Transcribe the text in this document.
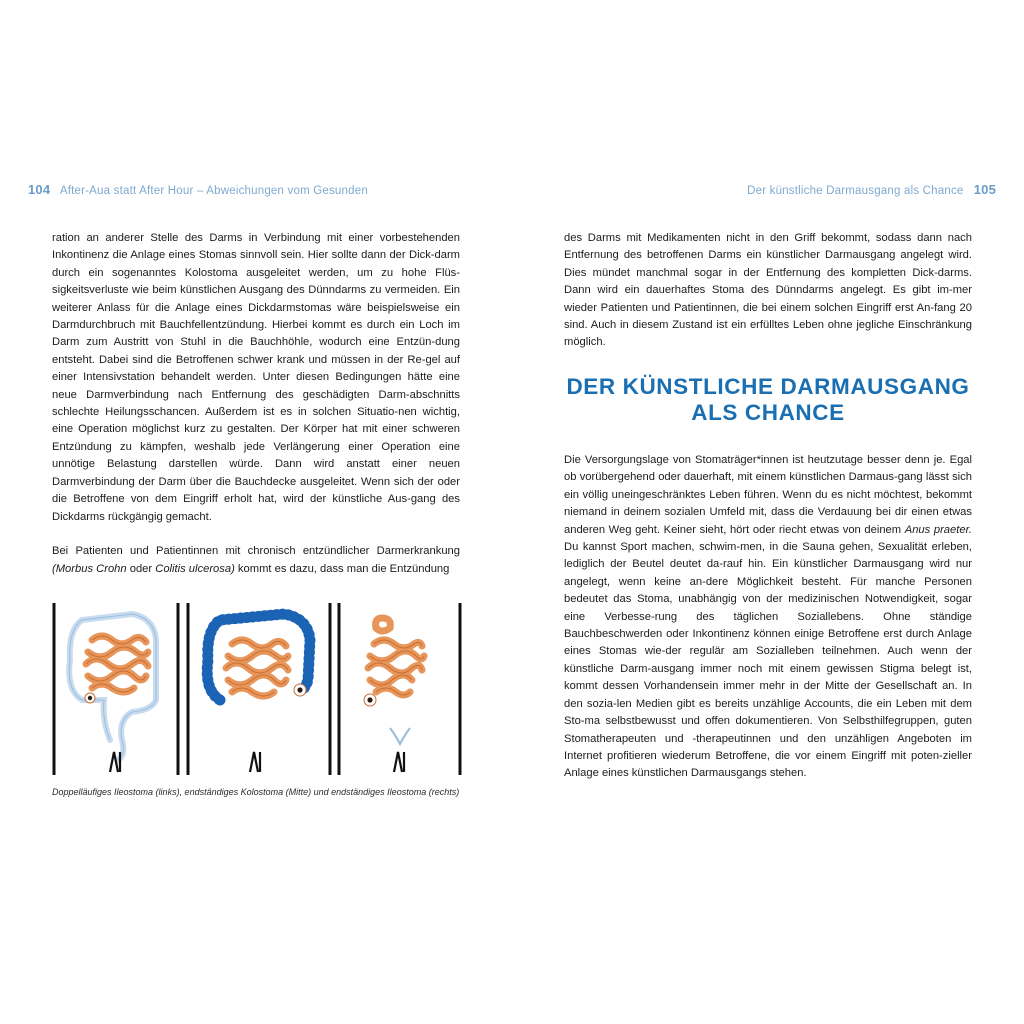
104 After-Aua statt After Hour – Abweichungen vom Gesunden	Der künstliche Darmausgang als Chance 105

ration an anderer Stelle des Darms in Verbindung mit einer vorbestehenden Inkontinenz die Anlage eines Stomas sinnvoll sein. Hier sollte dann der Dick-darm durch ein sogenanntes Kolostoma ausgeleitet werden, um zu hohe Flüs-sigkeitsverluste wie beim künstlichen Ausgang des Dünndarms zu vermeiden. Ein weiterer Anlass für die Anlage eines Dickdarmstomas wäre beispielsweise ein Darmdurchbruch mit Bauchfellentzündung. Hierbei kommt es durch ein Loch im Darm zum Austritt von Stuhl in die Bauchhöhle, wodurch eine Entzün-dung entsteht. Dabei sind die Betroffenen schwer krank und müssen in der Re-gel auf einer Intensivstation behandelt werden. Unter diesen Bedingungen hätte eine neue Darmverbindung nach Entfernung des geschädigten Darm-abschnitts schlechte Heilungsschancen. Außerdem ist es in solchen Situatio-nen wichtig, eine Operation möglichst kurz zu gestalten. Der Körper hat mit einer schweren Entzündung zu kämpfen, weshalb jede Verlängerung einer Operation eine unnötige Belastung darstellen würde. Dann wird anstatt einer neuen Darmverbindung der Darm über die Bauchdecke ausgeleitet. Wenn sich der oder die Betroffene von dem Eingriff erholt hat, wird der künstliche Aus-gang des Dickdarms rückgängig gemacht.

Bei Patienten und Patientinnen mit chronisch entzündlicher Darmerkrankung (Morbus Crohn oder Colitis ulcerosa) kommt es dazu, dass man die Entzündung

Doppelläufiges Ileostoma (links), endständiges Kolostoma (Mitte) und endständiges Ileostoma (rechts)

des Darms mit Medikamenten nicht in den Griff bekommt, sodass dann nach Entfernung des betroffenen Darms ein künstlicher Darmausgang angelegt wird. Dies mündet manchmal sogar in der Entfernung des kompletten Dick-darms. Dann wird ein dauerhaftes Stoma des Dünndarms angelegt. Es gibt im-mer wieder Patienten und Patientinnen, die bei einem solchen Eingriff erst An-fang 20 sind. Auch in diesem Zustand ist ein erfülltes Leben ohne jegliche Einschränkung möglich.

DER KÜNSTLICHE DARMAUSGANG
ALS CHANCE

Die Versorgungslage von Stomaträger*innen ist heutzutage besser denn je. Egal ob vorübergehend oder dauerhaft, mit einem künstlichen Darmaus-gang lässt sich ein völlig uneingeschränktes Leben führen. Wenn du es nicht möchtest, bekommt niemand in deinem sozialen Umfeld mit, dass die Verdauung bei dir einen etwas anderen Weg geht. Keiner sieht, hört oder riecht etwas von deinem Anus praeter. Du kannst Sport machen, schwim-men, in die Sauna gehen, Sexualität erleben, lediglich der Beutel deutet da-rauf hin. Ein künstlicher Darmausgang wird nur angelegt, wenn keine an-dere Möglichkeit besteht. Für manche Personen bedeutet das Stoma, unabhängig von der medizinischen Notwendigkeit, sogar eine Verbesse-rung des täglichen Soziallebens. Ohne ständige Bauchbeschwerden oder Inkontinenz können einige Betroffene erst durch Anlage eines Stomas wie-der regulär am Sozialleben teilnehmen. Auch wenn der künstliche Darm-ausgang immer noch mit einem gewissen Stigma belegt ist, kommt dessen Vorhandensein immer mehr in der Mitte der Gesellschaft an. In den sozia-len Medien gibt es bereits unzählige Accounts, die ein Leben mit dem Sto-ma selbstbewusst und offen dokumentieren. Von Selbsthilfegruppen, guten Stomatherapeuten und -therapeutinnen und den unzähligen Angeboten im Internet profitieren wiederum Betroffene, die vor einem Eingriff mit poten-zieller Anlage eines künstlichen Darmausgangs stehen.
